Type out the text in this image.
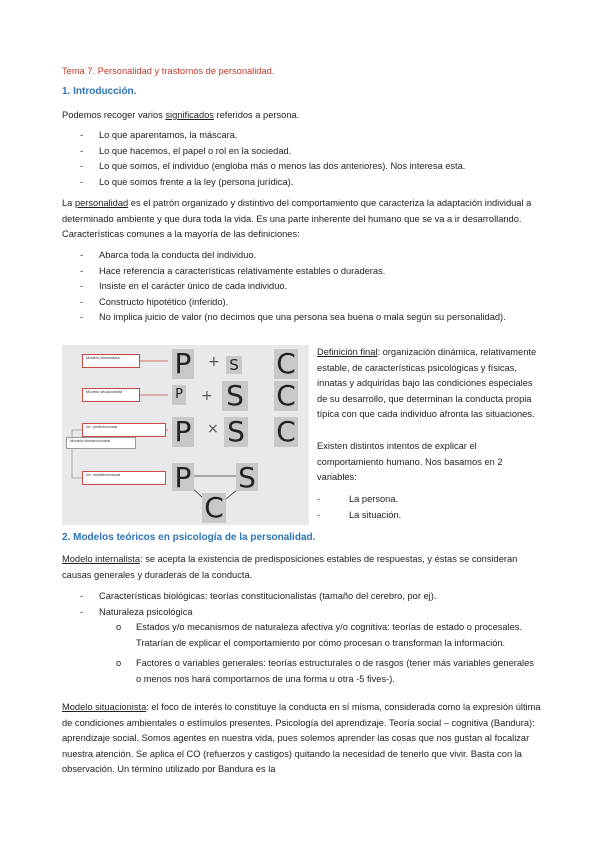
Tema 7. Personalidad y trastornos de personalidad.
1. Introducción.
Podemos recoger varios significados referidos a persona.
- Lo que aparentamos, la máscara.
- Lo que hacemos, el papel o rol en la sociedad.
- Lo que somos, el individuo (engloba más o menos las dos anteriores). Nos interesa esta.
- Lo que somos frente a la ley (persona jurídica).
La personalidad es el patrón organizado y distintivo del comportamiento que caracteriza la adaptación individual a determinado ambiente y que dura toda la vida. Es una parte inherente del humano que se va a ir desarrollando. Características comunes a la mayoría de las definiciones:
- Abarca toda la conducta del individuo.
- Hace referencia a características relativamente estables o duraderas.
- Insiste en el carácter único de cada individuo.
- Constructo hipotético (inferido).
- No implica juicio de valor (no decimos que una persona sea buena o mala según su personalidad).
Modelo internalista
Modelo situacionista
Int. unidireccional
Modelo interaccionista
Int. multidireccional
P + S C
P + S C
P × S C
P S
C
Definición final: organización dinámica, relativamente estable, de características psicológicas y físicas, innatas y adquiridas bajo las condiciones especiales de su desarrollo, que determinan la conducta propia típica con que cada individuo afronta las situaciones.
Existen distintos intentos de explicar el comportamiento humano. Nos basamos en 2 variables:
-	La persona.
-	La situación.
2. Modelos teóricos en psicología de la personalidad.
Modelo internalista: se acepta la existencia de predisposiciones estables de respuestas, y éstas se consideran causas generales y duraderas de la conducta.
- Características biológicas: teorías constitucionalistas (tamaño del cerebro, por ej).
- Naturaleza psicológica
o Estados y/o mecanismos de naturaleza afectiva y/o cognitiva: teorías de estado o procesales. Tratarían de explicar el comportamiento por cómo procesan o transforman la información.
o Factores o variables generales: teorías estructurales o de rasgos (tener más variables generales o menos nos hará comportarnos de una forma u otra -5 fives-).
Modelo situacionista: el foco de interés lo constituye la conducta en sí misma, considerada como la expresión última de condiciones ambientales o estímulos presentes. Psicología del aprendizaje. Teoría social – cognitiva (Bandura): aprendizaje social. Somos agentes en nuestra vida, pues solemos aprender las cosas que nos gustan al focalizar nuestra atención. Se aplica el CO (refuerzos y castigos) quitando la necesidad de tenerlo que vivir. Basta con la observación. Un término utilizado por Bandura es la
